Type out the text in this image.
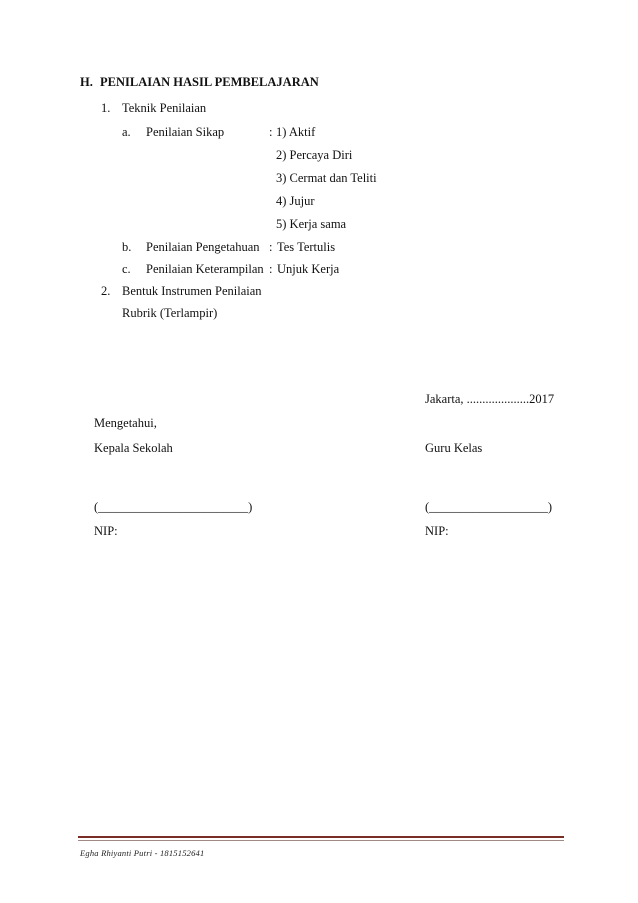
H. PENILAIAN HASIL PEMBELAJARAN
1. Teknik Penilaian
a. Penilaian Sikap	: 1) Aktif
2) Percaya Diri
3) Cermat dan Teliti
4) Jujur
5) Kerja sama
b. Penilaian Pengetahuan : Tes Tertulis
c. Penilaian Keterampilan : Unjuk Kerja
2. Bentuk Instrumen Penilaian
Rubrik (Terlampir)
Jakarta, ....................2017
Mengetahui,
Kepala Sekolah	Guru Kelas
(________________________)	(___________________)
NIP:	NIP:
Egha Rhiyanti Putri - 1815152641
